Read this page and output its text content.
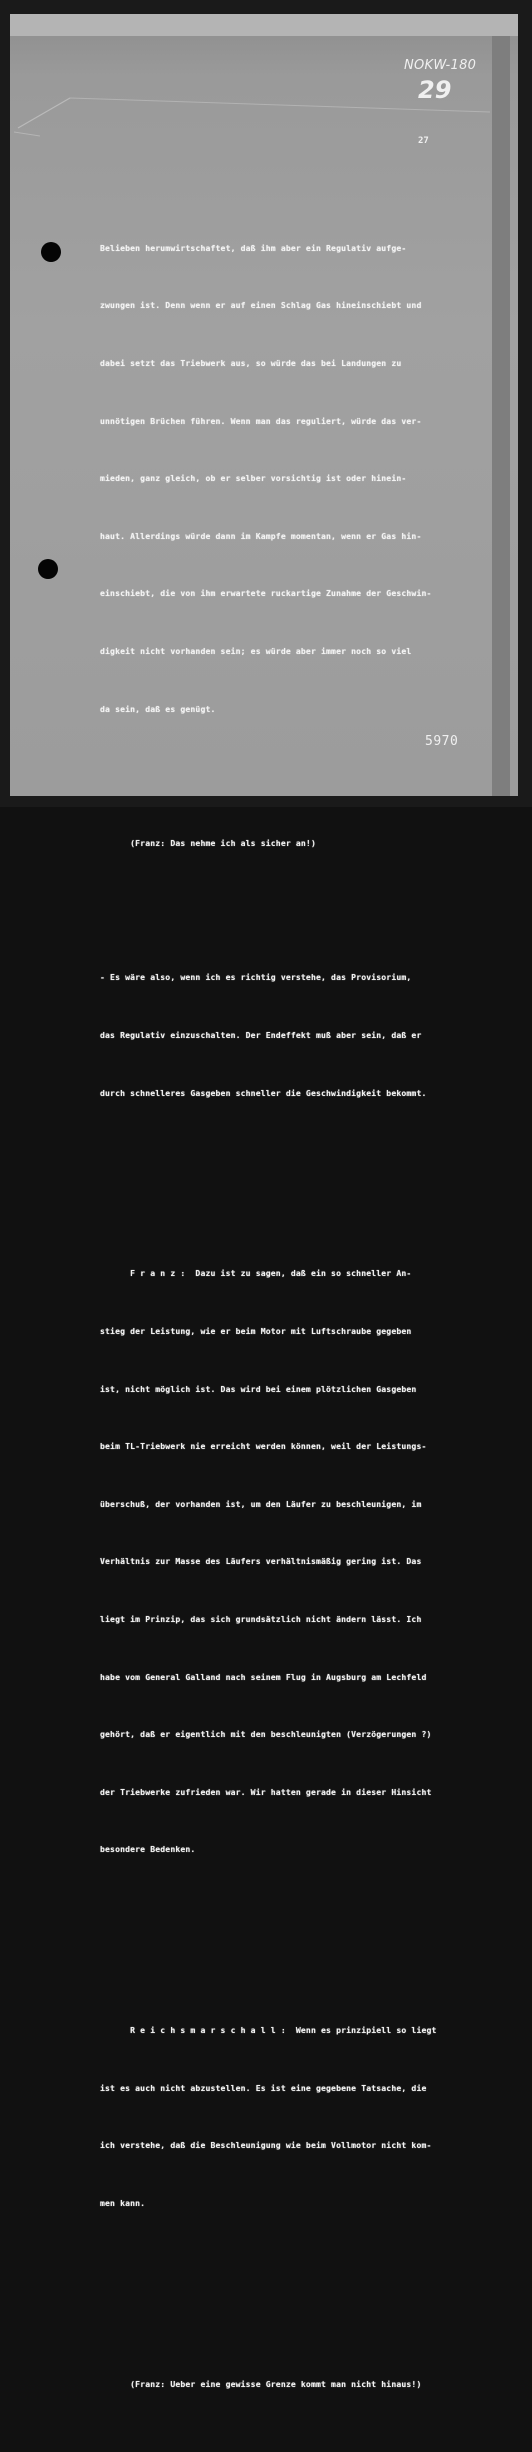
NOKW-180
29
27
5970

Belieben herumwirtschaftet, daß ihm aber ein Regulativ aufge-

zwungen ist. Denn wenn er auf einen Schlag Gas hineinschiebt und

dabei setzt das Triebwerk aus, so würde das bei Landungen zu

unnötigen Brüchen führen. Wenn man das reguliert, würde das ver-

mieden, ganz gleich, ob er selber vorsichtig ist oder hinein-

haut. Allerdings würde dann im Kampfe momentan, wenn er Gas hin-

einschiebt, die von ihm erwartete ruckartige Zunahme der Geschwin-

digkeit nicht vorhanden sein; es würde aber immer noch so viel

da sein, daß es genügt.

(Franz: Das nehme ich als sicher an!)

- Es wäre also, wenn ich es richtig verstehe, das Provisorium,

das Regulativ einzuschalten. Der Endeffekt muß aber sein, daß er

durch schnelleres Gasgeben schneller die Geschwindigkeit bekommt.

F r a n z :  Dazu ist zu sagen, daß ein so schneller An-

stieg der Leistung, wie er beim Motor mit Luftschraube gegeben

ist, nicht möglich ist. Das wird bei einem plötzlichen Gasgeben

beim TL-Triebwerk nie erreicht werden können, weil der Leistungs-

überschuß, der vorhanden ist, um den Läufer zu beschleunigen, im

Verhältnis zur Masse des Läufers verhältnismäßig gering ist. Das

liegt im Prinzip, das sich grundsätzlich nicht ändern lässt. Ich

habe vom General Galland nach seinem Flug in Augsburg am Lechfeld

gehört, daß er eigentlich mit den beschleunigten (Verzögerungen ?)

der Triebwerke zufrieden war. Wir hatten gerade in dieser Hinsicht

besondere Bedenken.

R e i c h s m a r s c h a l l :  Wenn es prinzipiell so liegt

ist es auch nicht abzustellen. Es ist eine gegebene Tatsache, die

ich verstehe, daß die Beschleunigung wie beim Vollmotor nicht kom-

men kann.

(Franz: Ueber eine gewisse Grenze kommt man nicht hinaus!)
